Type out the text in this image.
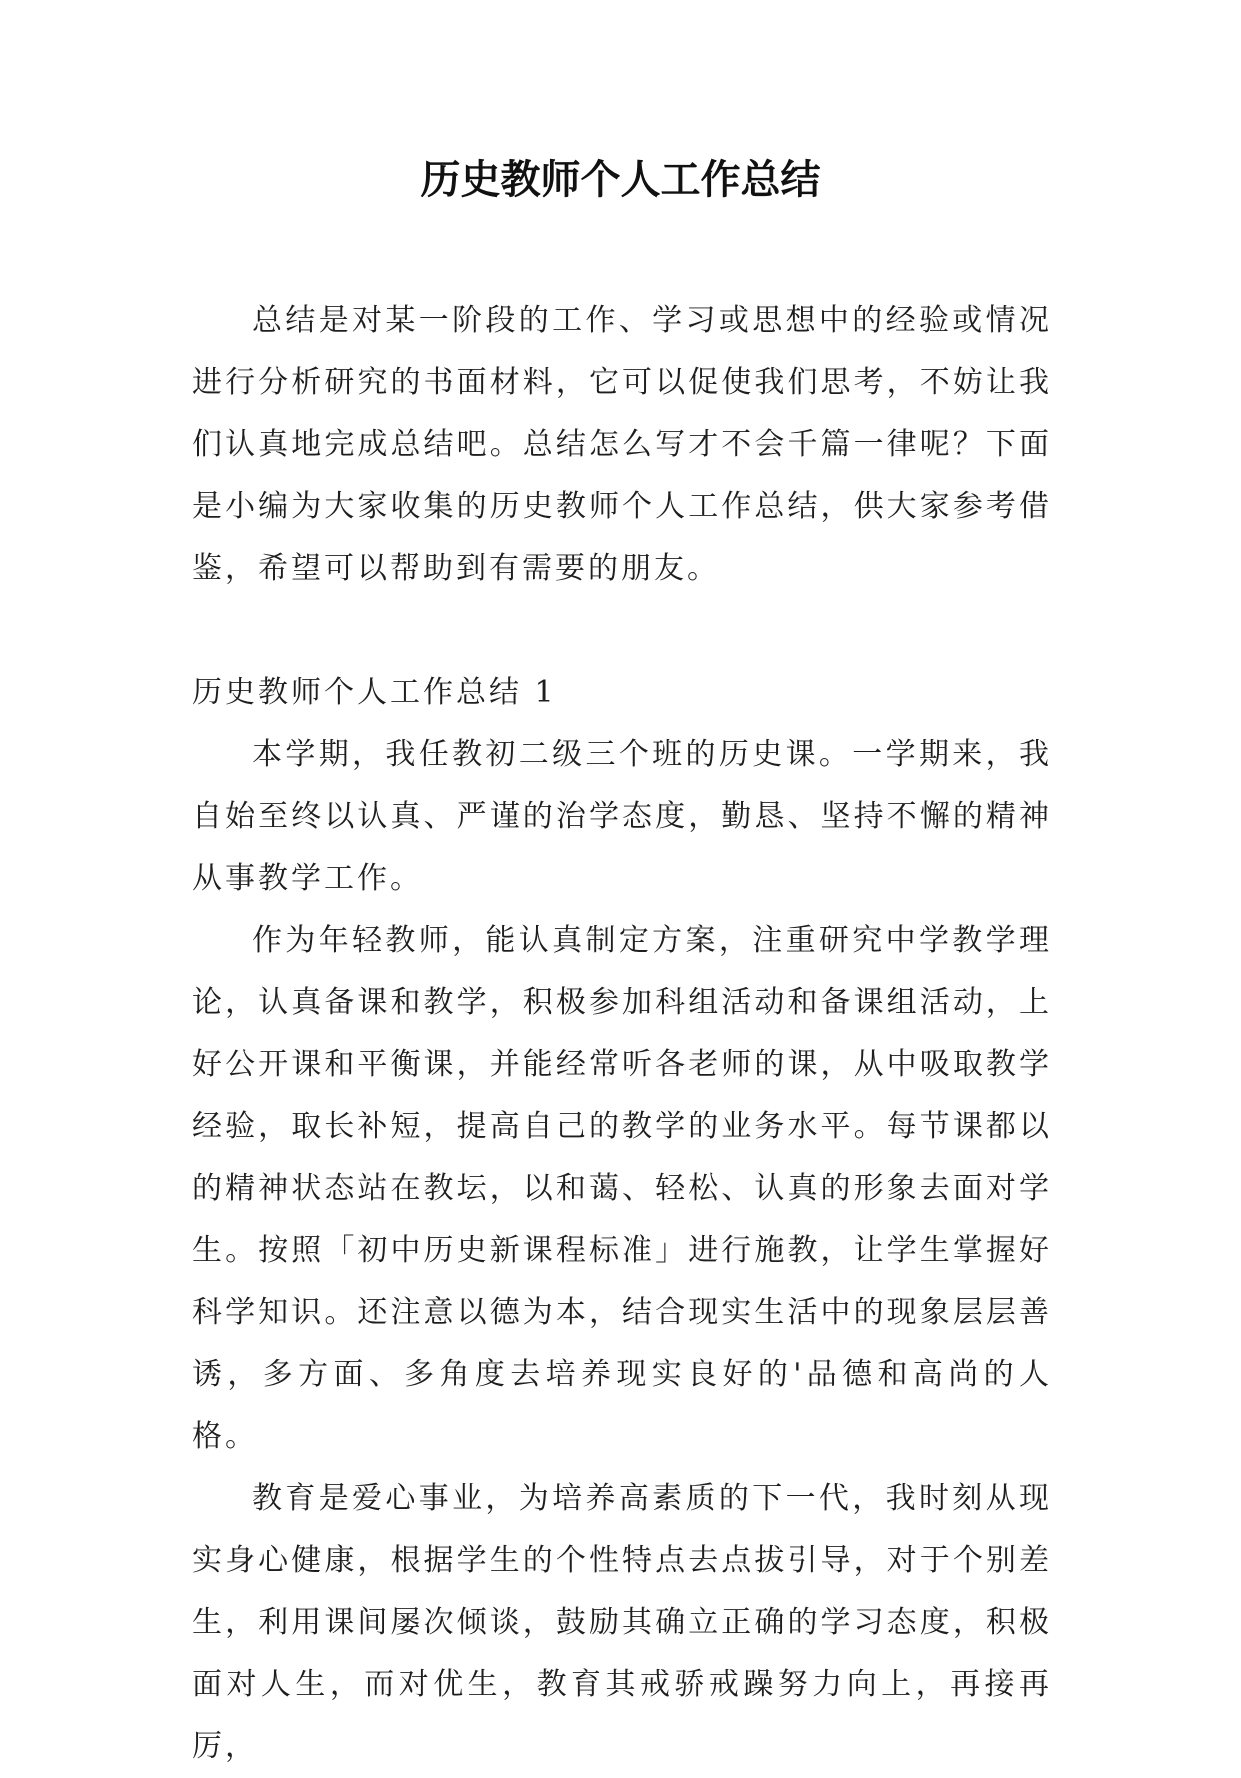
历史教师个人工作总结

总结是对某一阶段的工作、学习或思想中的经验或情况进行分析研究的书面材料，它可以促使我们思考，不妨让我们认真地完成总结吧。总结怎么写才不会千篇一律呢？下面是小编为大家收集的历史教师个人工作总结，供大家参考借鉴，希望可以帮助到有需要的朋友。

历史教师个人工作总结 1

本学期，我任教初二级三个班的历史课。一学期来，我自始至终以认真、严谨的治学态度，勤恳、坚持不懈的精神从事教学工作。

作为年轻教师，能认真制定方案，注重研究中学教学理论，认真备课和教学，积极参加科组活动和备课组活动，上好公开课和平衡课，并能经常听各老师的课，从中吸取教学经验，取长补短，提高自己的教学的业务水平。每节课都以的精神状态站在教坛，以和蔼、轻松、认真的形象去面对学生。按照「初中历史新课程标准」进行施教，让学生掌握好科学知识。还注意以德为本，结合现实生活中的现象层层善诱，多方面、多角度去培养现实良好的'品德和高尚的人格。

教育是爱心事业，为培养高素质的下一代，我时刻从现实身心健康，根据学生的个性特点去点拔引导，对于个别差生，利用课间屡次倾谈，鼓励其确立正确的学习态度，积极面对人生，而对优生，教育其戒骄戒躁努力向上，再接再厉，
